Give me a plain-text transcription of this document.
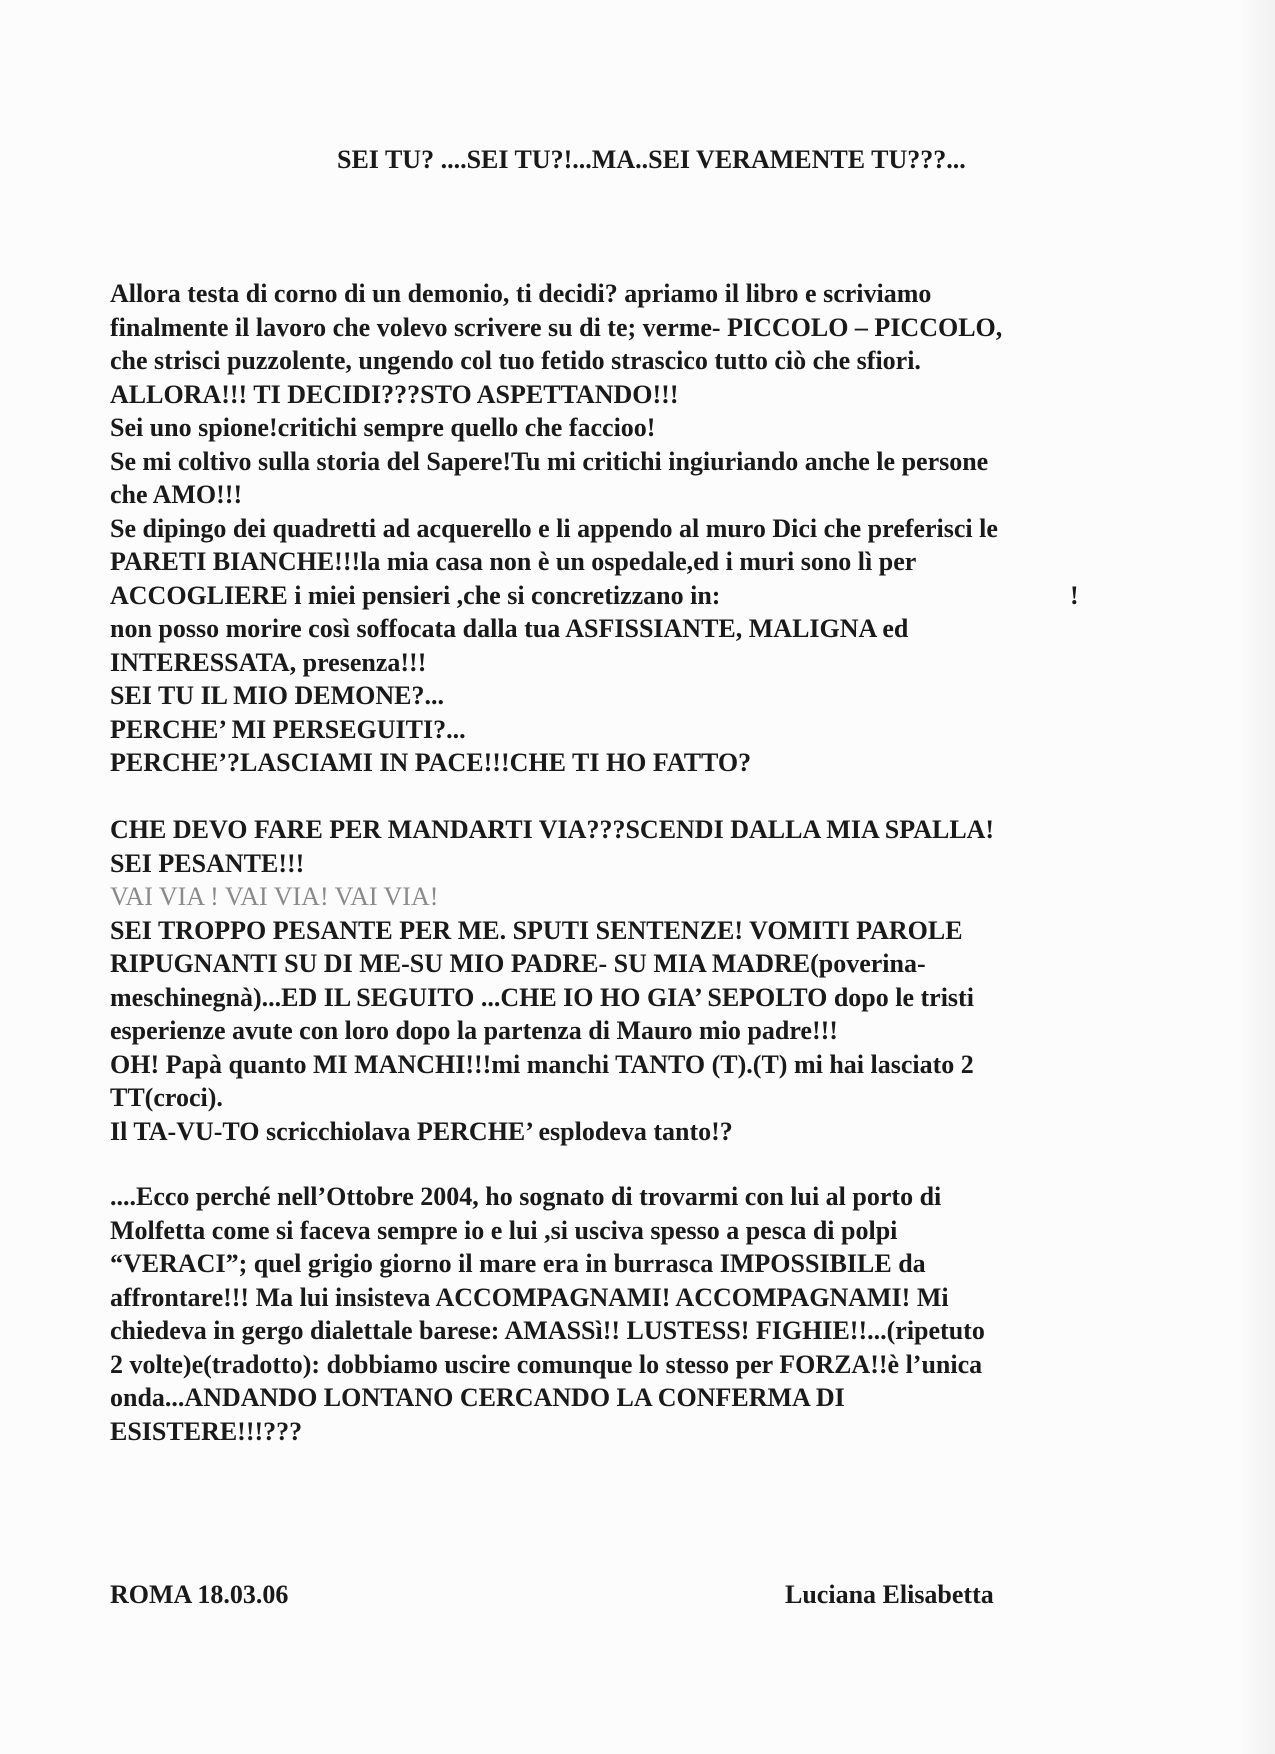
SEI TU? ....SEI TU?!...MA..SEI VERAMENTE TU???...
Allora testa di corno di un demonio, ti decidi? apriamo il libro e scriviamo
finalmente il lavoro che volevo scrivere su di te; verme- PICCOLO – PICCOLO,
che strisci puzzolente, ungendo col tuo fetido strascico tutto ciò che sfiori.
ALLORA!!! TI DECIDI???STO ASPETTANDO!!!
Sei uno spione!critichi sempre quello che faccioo!
Se mi coltivo sulla storia del Sapere!Tu mi critichi ingiuriando anche le persone
che AMO!!!
Se dipingo dei quadretti ad acquerello e li appendo al muro Dici che preferisci le
PARETI BIANCHE!!!la mia casa non è un ospedale,ed i muri sono lì per
ACCOGLIERE i miei pensieri ,che si concretizzano in:	!
non posso morire così soffocata dalla tua ASFISSIANTE, MALIGNA ed
INTERESSATA, presenza!!!
SEI TU IL MIO DEMONE?...
PERCHE’ MI PERSEGUITI?...
PERCHE’?LASCIAMI IN PACE!!!CHE TI HO FATTO?
CHE DEVO FARE PER MANDARTI VIA???SCENDI DALLA MIA SPALLA!
SEI PESANTE!!!
VAI VIA ! VAI VIA! VAI VIA!
SEI TROPPO PESANTE PER ME. SPUTI SENTENZE! VOMITI PAROLE
RIPUGNANTI SU DI ME-SU MIO PADRE- SU MIA MADRE(poverina-
meschinegnà)...ED IL SEGUITO ...CHE IO HO GIA’ SEPOLTO dopo le tristi
esperienze avute con loro dopo la partenza di Mauro mio padre!!!
OH! Papà quanto MI MANCHI!!!mi manchi TANTO (T).(T) mi hai lasciato 2
TT(croci).
Il TA-VU-TO scricchiolava PERCHE’ esplodeva tanto!?
....Ecco perché nell’Ottobre 2004, ho sognato di trovarmi con lui al porto di
Molfetta come si faceva sempre io e lui ,si usciva spesso a pesca di polpi
“VERACI”; quel grigio giorno il mare era in burrasca IMPOSSIBILE da
affrontare!!! Ma lui insisteva ACCOMPAGNAMI! ACCOMPAGNAMI! Mi
chiedeva in gergo dialettale barese: AMASSì!! LUSTESS! FIGHIE!!...(ripetuto
2 volte)e(tradotto): dobbiamo uscire comunque lo stesso per FORZA!!è l’unica
onda...ANDANDO LONTANO CERCANDO LA CONFERMA DI
ESISTERE!!!???
ROMA 18.03.06	Luciana Elisabetta
